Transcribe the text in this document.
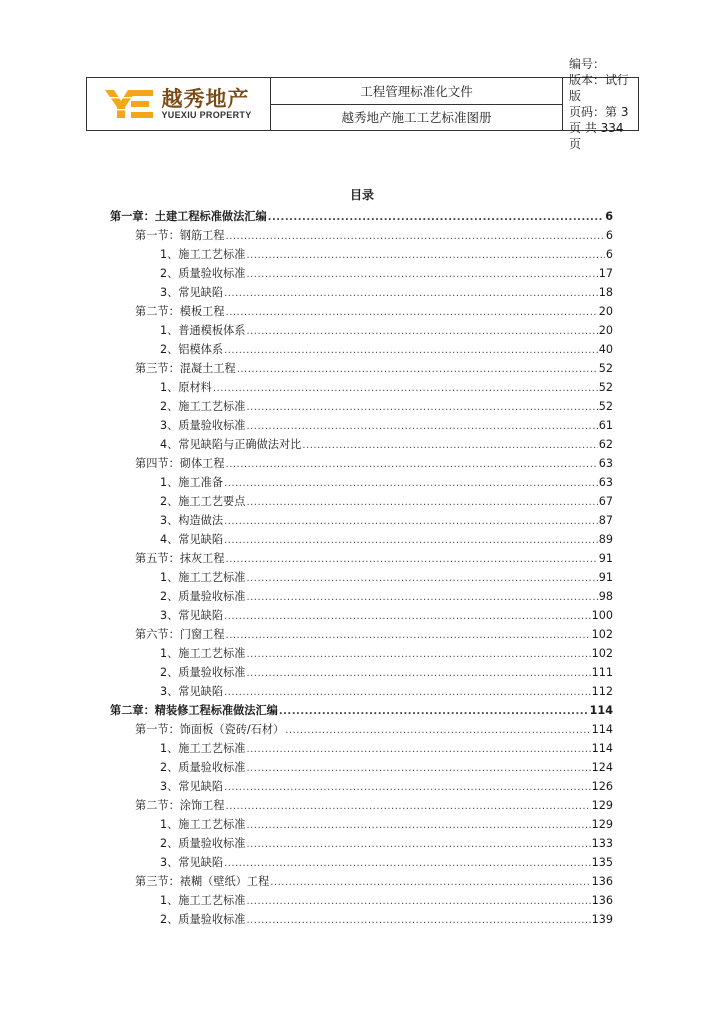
越秀地产
YUEXIU PROPERTY
工程管理标准化文件
越秀地产施工工艺标准图册
编号：
版本：试行版
页码：第 3 页 共 334 页
目录
第一章：土建工程标准做法汇编 .....	6
第一节：钢筋工程 .....	6
1、施工工艺标准 .....	6
2、质量验收标准 .....	17
3、常见缺陷 .....	18
第二节：模板工程 .....	20
1、普通模板体系 .....	20
2、铝模体系 .....	40
第三节：混凝土工程 .....	52
1、原材料 .....	52
2、施工工艺标准 .....	52
3、质量验收标准 .....	61
4、常见缺陷与正确做法对比 .....	62
第四节：砌体工程 .....	63
1、施工准备 .....	63
2、施工工艺要点 .....	67
3、构造做法 .....	87
4、常见缺陷 .....	89
第五节：抹灰工程 .....	91
1、施工工艺标准 .....	91
2、质量验收标准 .....	98
3、常见缺陷 .....	100
第六节：门窗工程 .....	102
1、施工工艺标准 .....	102
2、质量验收标准 .....	111
3、常见缺陷 .....	112
第二章：精装修工程标准做法汇编 .....	114
第一节：饰面板（瓷砖/石材） .....	114
1、施工工艺标准 .....	114
2、质量验收标准 .....	124
3、常见缺陷 .....	126
第二节：涂饰工程 .....	129
1、施工工艺标准 .....	129
2、质量验收标准 .....	133
3、常见缺陷 .....	135
第三节：裱糊（壁纸）工程 .....	136
1、施工工艺标准 .....	136
2、质量验收标准 .....	139
